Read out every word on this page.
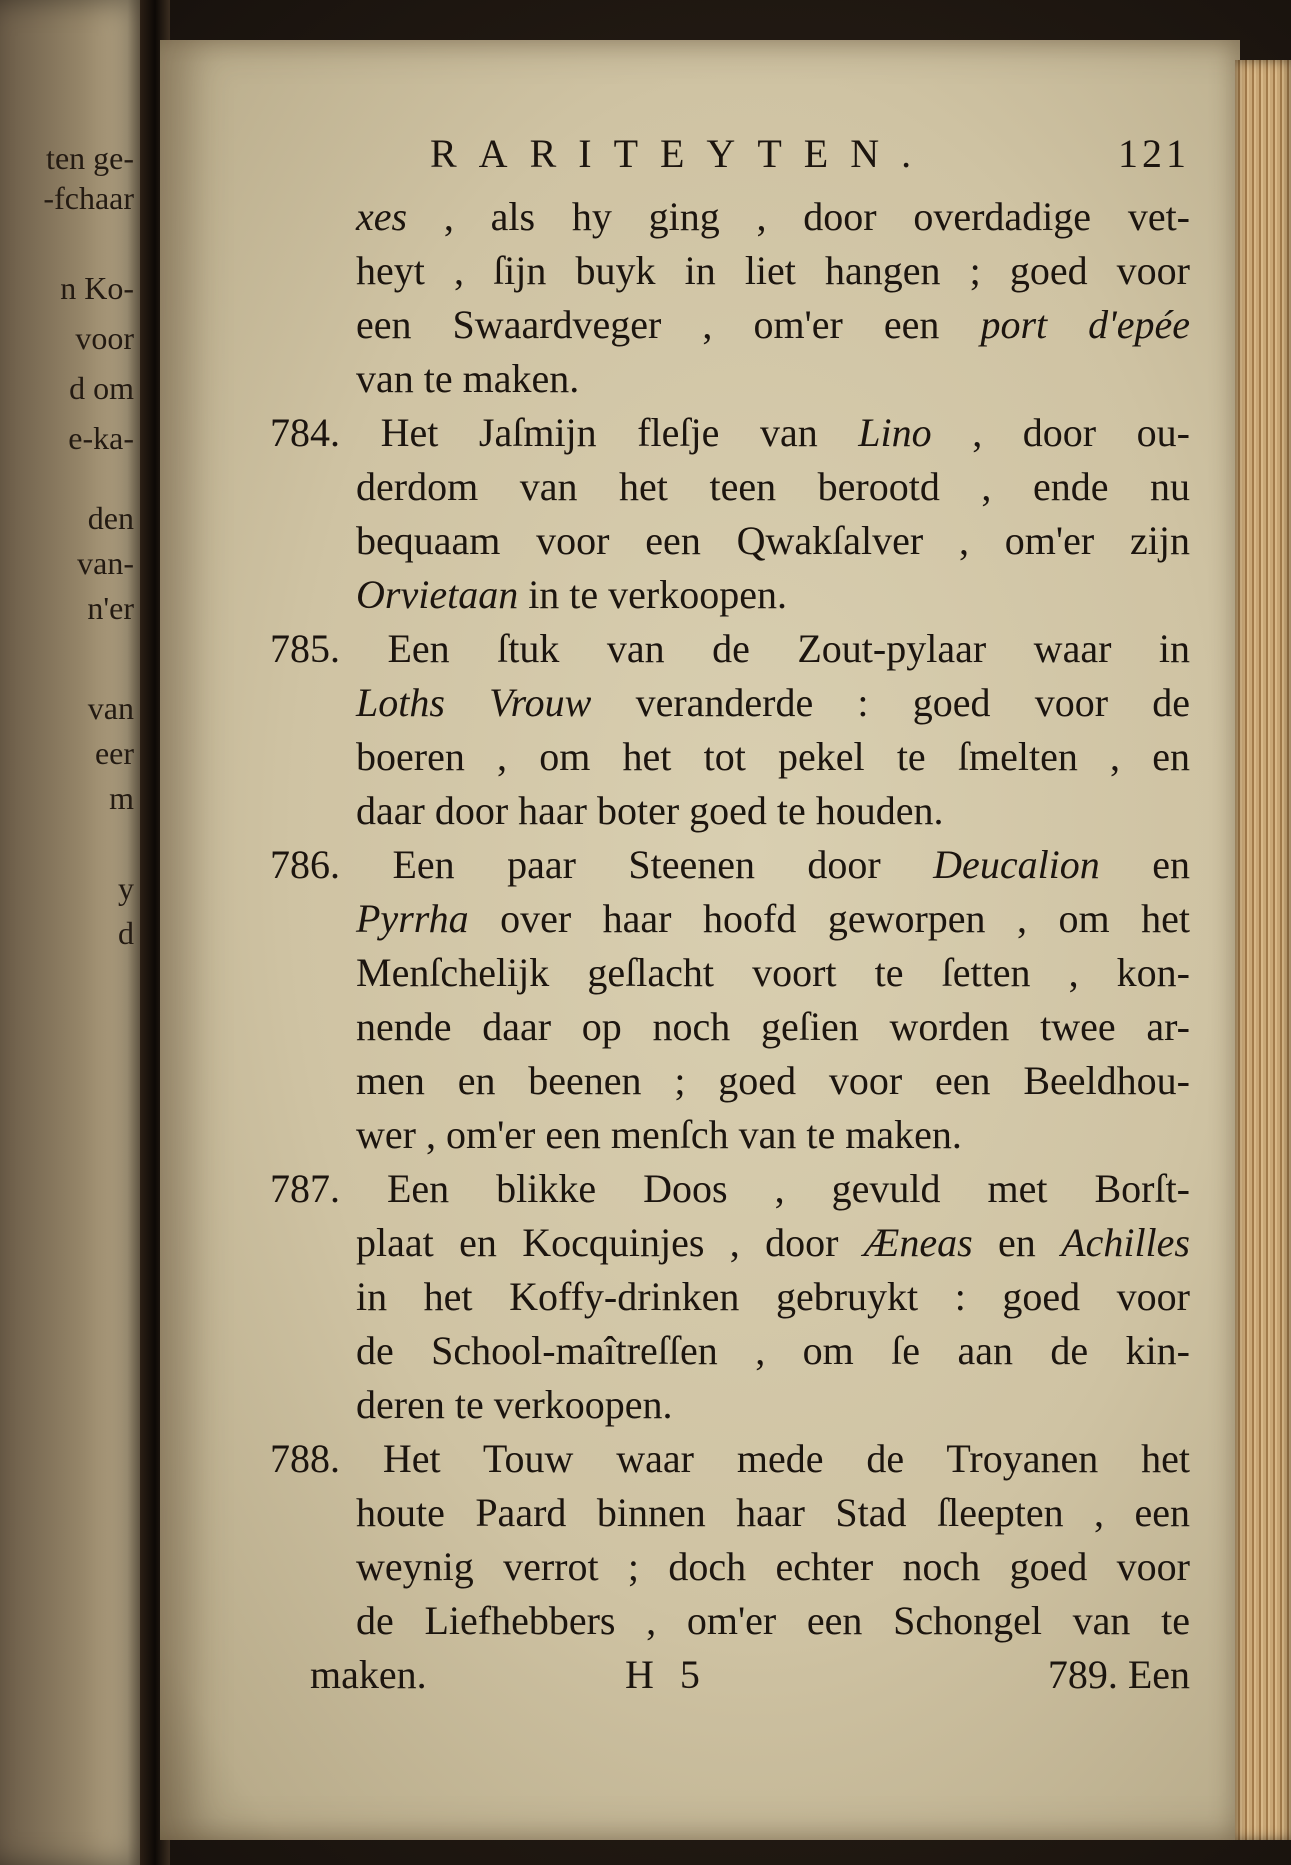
ten ge-
-fchaar
n Ko-
voor
d om
e-ka-
den
van-
n'er
van
eer
m
y
d
RARITEYTEN.	121
xes , als hy ging , door overdadige vet-
heyt , ſijn buyk in liet hangen ; goed voor
een Swaardveger , om'er een port d'epée
van te maken.
784. Het Jaſmijn fleſje van Lino , door ou-
derdom van het teen berootd , ende nu
bequaam voor een Qwakſalver , om'er zijn
Orvietaan in te verkoopen.
785. Een ſtuk van de Zout-pylaar waar in
Loths Vrouw veranderde : goed voor de
boeren , om het tot pekel te ſmelten , en
daar door haar boter goed te houden.
786. Een paar Steenen door Deucalion en
Pyrrha over haar hoofd geworpen , om het
Menſchelijk geſlacht voort te ſetten , kon-
nende daar op noch geſien worden twee ar-
men en beenen ; goed voor een Beeldhou-
wer , om'er een menſch van te maken.
787. Een blikke Doos , gevuld met Borſt-
plaat en Kocquinjes , door Æneas en Achilles
in het Koffy-drinken gebruykt : goed voor
de School-maîtreſſen , om ſe aan de kin-
deren te verkoopen.
788. Het Touw waar mede de Troyanen het
houte Paard binnen haar Stad ſleepten , een
weynig verrot ; doch echter noch goed voor
de Liefhebbers , om'er een Schongel van te
maken.	H 5	789. Een
